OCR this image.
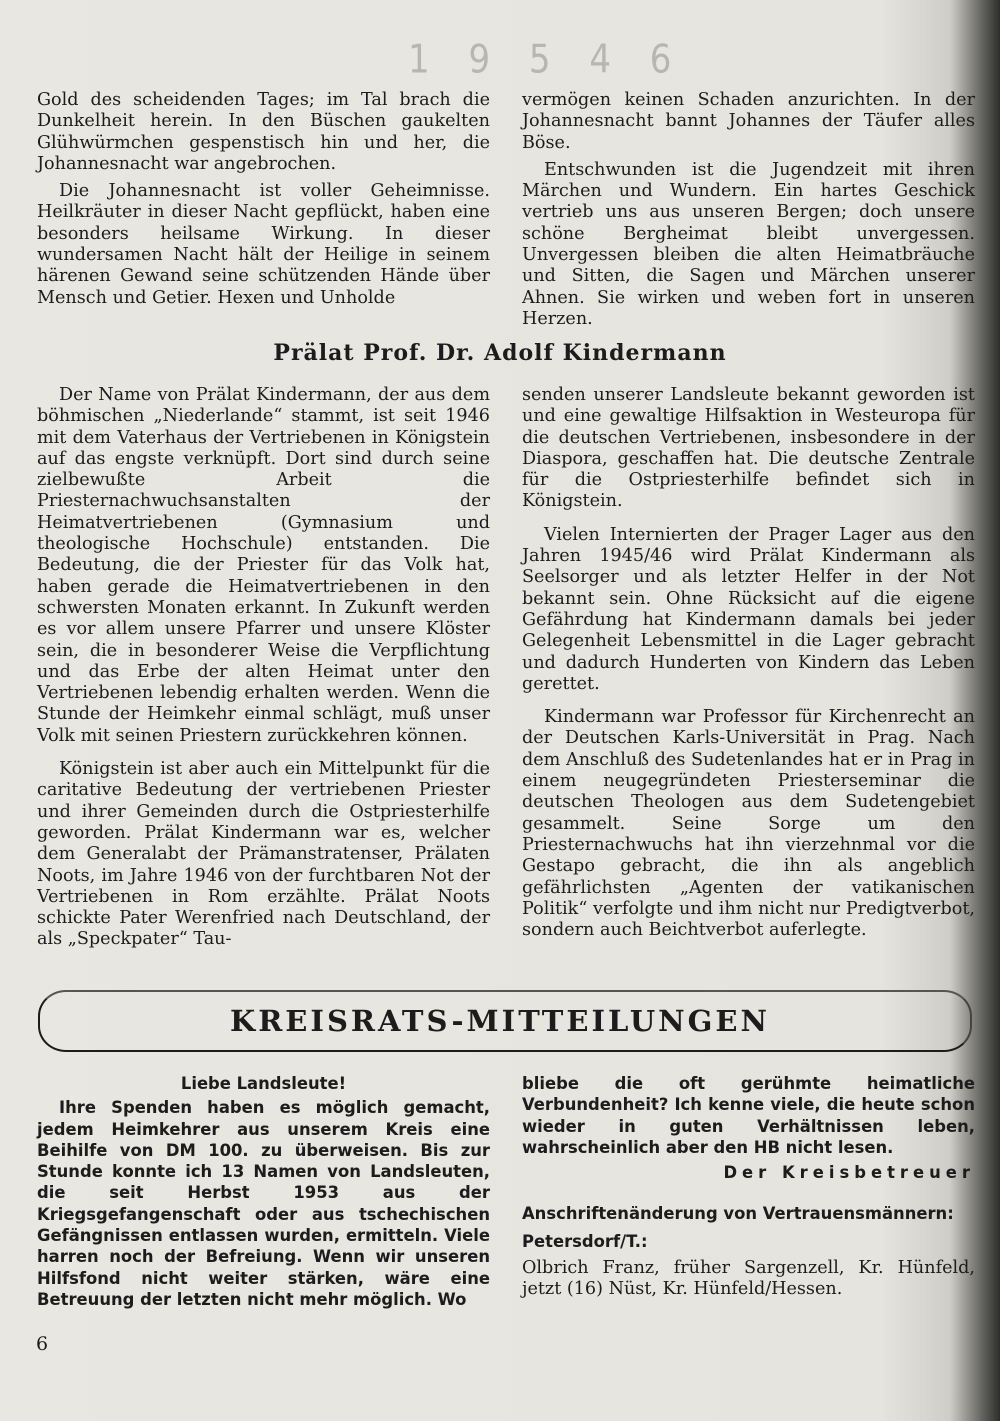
1 9 5 4 6

Gold des scheidenden Tages; im Tal brach die Dunkelheit herein. In den Büschen gaukelten Glühwürmchen gespenstisch hin und her, die Johannesnacht war angebrochen.

Die Johannesnacht ist voller Geheimnisse. Heilkräuter in dieser Nacht gepflückt, haben eine besonders heilsame Wirkung. In dieser wundersamen Nacht hält der Heilige in seinem härenen Gewand seine schützenden Hände über Mensch und Getier. Hexen und Unholde

vermögen keinen Schaden anzurichten. In der Johannesnacht bannt Johannes der Täufer alles Böse.

Entschwunden ist die Jugendzeit mit ihren Märchen und Wundern. Ein hartes Geschick vertrieb uns aus unseren Bergen; doch unsere schöne Bergheimat bleibt unvergessen. Unvergessen bleiben die alten Heimatbräuche und Sitten, die Sagen und Märchen unserer Ahnen. Sie wirken und weben fort in unseren Herzen.

Prälat Prof. Dr. Adolf Kindermann

Der Name von Prälat Kindermann, der aus dem böhmischen „Niederlande“ stammt, ist seit 1946 mit dem Vaterhaus der Vertriebenen in Königstein auf das engste verknüpft. Dort sind durch seine zielbewußte Arbeit die Priesternachwuchsanstalten der Heimatvertriebenen (Gymnasium und theologische Hochschule) entstanden. Die Bedeutung, die der Priester für das Volk hat, haben gerade die Heimatvertriebenen in den schwersten Monaten erkannt. In Zukunft werden es vor allem unsere Pfarrer und unsere Klöster sein, die in besonderer Weise die Verpflichtung und das Erbe der alten Heimat unter den Vertriebenen lebendig erhalten werden. Wenn die Stunde der Heimkehr einmal schlägt, muß unser Volk mit seinen Priestern zurückkehren können.

Königstein ist aber auch ein Mittelpunkt für die caritative Bedeutung der vertriebenen Priester und ihrer Gemeinden durch die Ostpriesterhilfe geworden. Prälat Kindermann war es, welcher dem Generalabt der Prämanstratenser, Prälaten Noots, im Jahre 1946 von der furchtbaren Not der Vertriebenen in Rom erzählte. Prälat Noots schickte Pater Werenfried nach Deutschland, der als „Speckpater“ Tau-

senden unserer Landsleute bekannt geworden ist und eine gewaltige Hilfsaktion in Westeuropa für die deutschen Vertriebenen, insbesondere in der Diaspora, geschaffen hat. Die deutsche Zentrale für die Ostpriesterhilfe befindet sich in Königstein.

Vielen Internierten der Prager Lager aus den Jahren 1945/46 wird Prälat Kindermann als Seelsorger und als letzter Helfer in der Not bekannt sein. Ohne Rücksicht auf die eigene Gefährdung hat Kindermann damals bei jeder Gelegenheit Lebensmittel in die Lager gebracht und dadurch Hunderten von Kindern das Leben gerettet.

Kindermann war Professor für Kirchenrecht an der Deutschen Karls-Universität in Prag. Nach dem Anschluß des Sudetenlandes hat er in Prag in einem neugegründeten Priesterseminar die deutschen Theologen aus dem Sudetengebiet gesammelt. Seine Sorge um den Priesternachwuchs hat ihn vierzehnmal vor die Gestapo gebracht, die ihn als angeblich gefährlichsten „Agenten der vatikanischen Politik“ verfolgte und ihm nicht nur Predigtverbot, sondern auch Beichtverbot auferlegte.

KREISRATS-MITTEILUNGEN

Liebe Landsleute!

Ihre Spenden haben es möglich gemacht, jedem Heimkehrer aus unserem Kreis eine Beihilfe von DM 100. zu überweisen. Bis zur Stunde konnte ich 13 Namen von Landsleuten, die seit Herbst 1953 aus der Kriegsgefangenschaft oder aus tschechischen Gefängnissen entlassen wurden, ermitteln. Viele harren noch der Befreiung. Wenn wir unseren Hilfsfond nicht weiter stärken, wäre eine Betreuung der letzten nicht mehr möglich. Wo

bliebe die oft gerühmte heimatliche Verbundenheit? Ich kenne viele, die heute schon wieder in guten Verhältnissen leben, wahrscheinlich aber den HB nicht lesen.

Der Kreisbetreuer

Anschriftenänderung von Vertrauensmännern:

Petersdorf/T.:

Olbrich Franz, früher Sargenzell, Kr. Hünfeld, jetzt (16) Nüst, Kr. Hünfeld/Hessen.

6
